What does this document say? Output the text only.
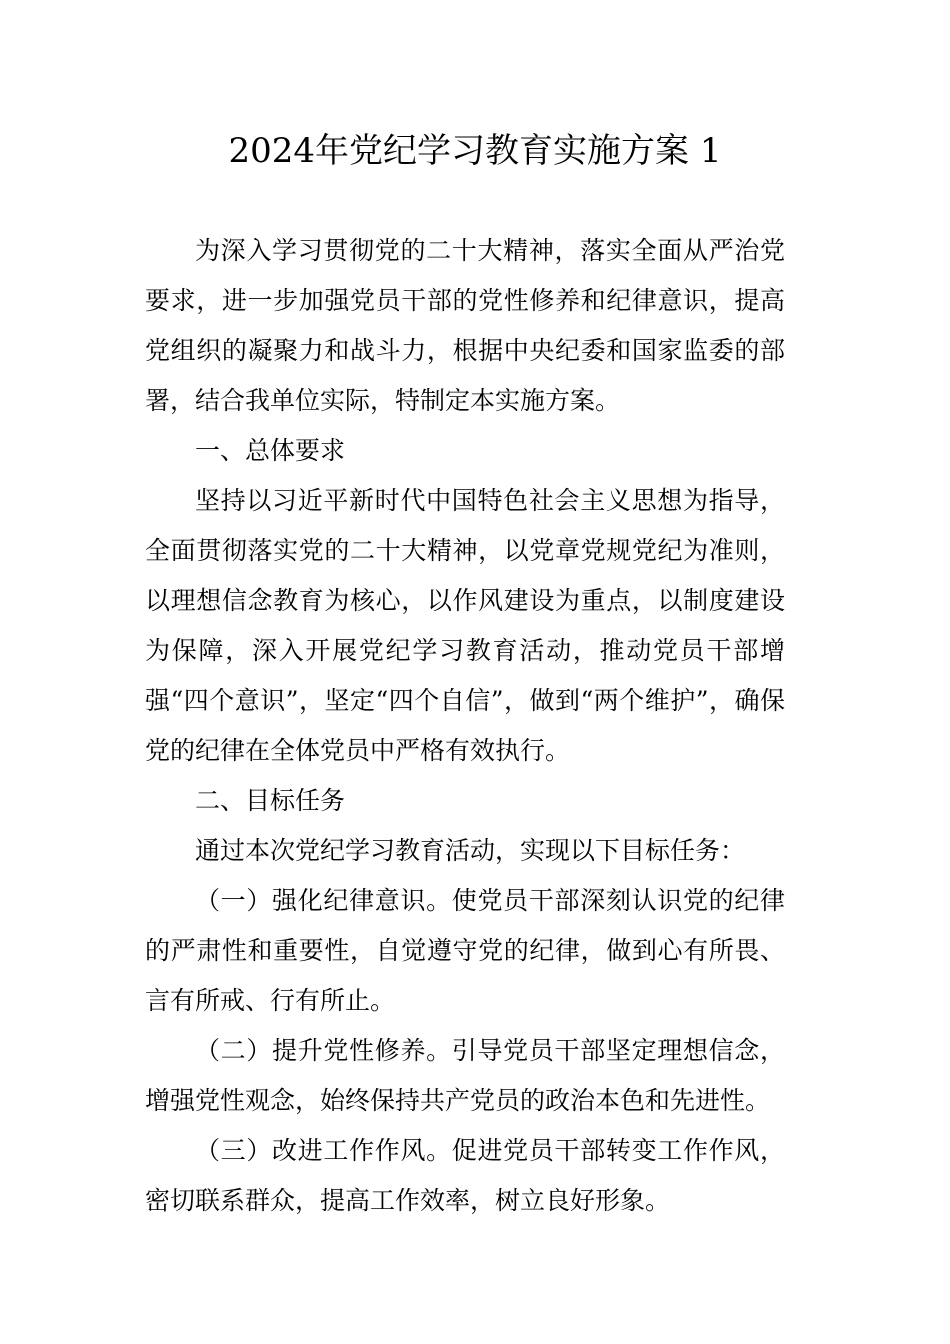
2024年党纪学习教育实施方案 1

为深入学习贯彻党的二十大精神，落实全面从严治党要求，进一步加强党员干部的党性修养和纪律意识，提高党组织的凝聚力和战斗力，根据中央纪委和国家监委的部署，结合我单位实际，特制定本实施方案。

一、总体要求

坚持以习近平新时代中国特色社会主义思想为指导，全面贯彻落实党的二十大精神，以党章党规党纪为准则，以理想信念教育为核心，以作风建设为重点，以制度建设为保障，深入开展党纪学习教育活动，推动党员干部增强“四个意识”，坚定“四个自信”，做到“两个维护”，确保党的纪律在全体党员中严格有效执行。

二、目标任务

通过本次党纪学习教育活动，实现以下目标任务：

（一）强化纪律意识。使党员干部深刻认识党的纪律的严肃性和重要性，自觉遵守党的纪律，做到心有所畏、言有所戒、行有所止。

（二）提升党性修养。引导党员干部坚定理想信念，增强党性观念，始终保持共产党员的政治本色和先进性。

（三）改进工作作风。促进党员干部转变工作作风，密切联系群众，提高工作效率，树立良好形象。
